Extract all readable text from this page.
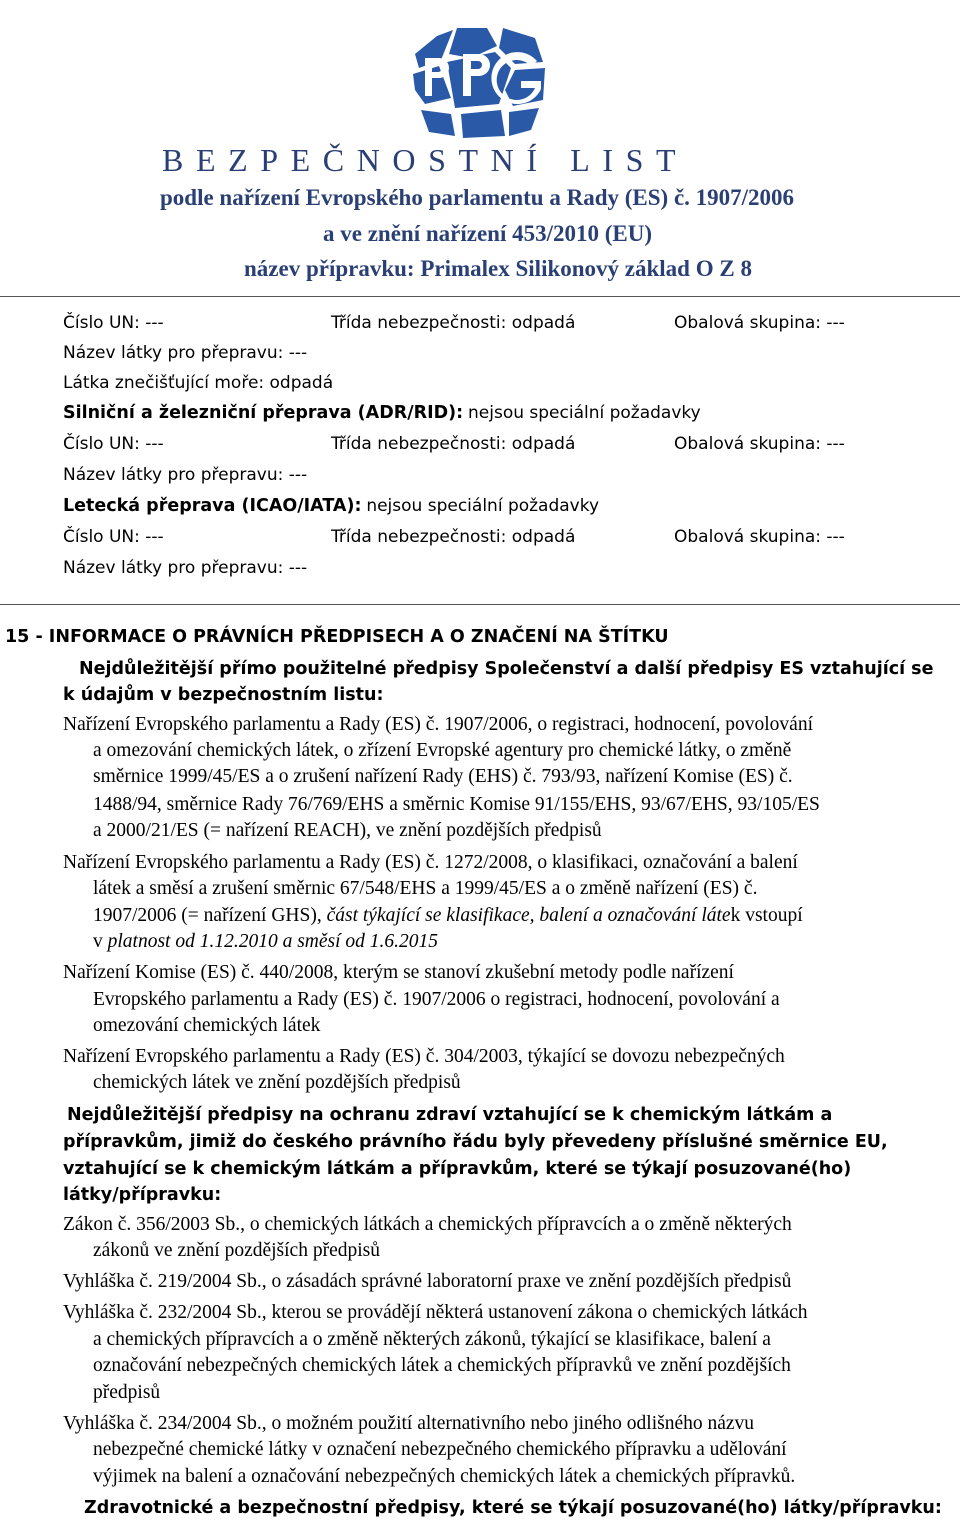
BEZPEČNOSTNÍ LIST
podle nařízení Evropského parlamentu a Rady (ES) č. 1907/2006
a ve znění nařízení 453/2010 (EU)
název přípravku: Primalex Silikonový základ O Z 8
Číslo UN: ---	Třída nebezpečnosti: odpadá	Obalová skupina: ---
Název látky pro přepravu: ---
Látka znečišťující moře: odpadá
Silniční a železniční přeprava (ADR/RID): nejsou speciální požadavky
Číslo UN: ---	Třída nebezpečnosti: odpadá	Obalová skupina: ---
Název látky pro přepravu: ---
Letecká přeprava (ICAO/IATA): nejsou speciální požadavky
Číslo UN: ---	Třída nebezpečnosti: odpadá	Obalová skupina: ---
Název látky pro přepravu: ---
15 - INFORMACE O PRÁVNÍCH PŘEDPISECH A O ZNAČENÍ NA ŠTÍTKU
Nejdůležitější přímo použitelné předpisy Společenství a další předpisy ES vztahující se
k údajům v bezpečnostním listu:
Nařízení Evropského parlamentu a Rady (ES) č. 1907/2006, o registraci, hodnocení, povolování
a omezování chemických látek, o zřízení Evropské agentury pro chemické látky, o změně
směrnice 1999/45/ES a o zrušení nařízení Rady (EHS) č. 793/93, nařízení Komise (ES) č.
1488/94, směrnice Rady 76/769/EHS a směrnic Komise 91/155/EHS, 93/67/EHS, 93/105/ES
a 2000/21/ES (= nařízení REACH), ve znění pozdějších předpisů
Nařízení Evropského parlamentu a Rady (ES) č. 1272/2008, o klasifikaci, označování a balení
látek a směsí a zrušení směrnic 67/548/EHS a 1999/45/ES a o změně nařízení (ES) č.
1907/2006 (= nařízení GHS), část týkající se klasifikace, balení a označování látek vstoupí
v platnost od 1.12.2010 a směsí od 1.6.2015
Nařízení Komise (ES) č. 440/2008, kterým se stanoví zkušební metody podle nařízení
Evropského parlamentu a Rady (ES) č. 1907/2006 o registraci, hodnocení, povolování a
omezování chemických látek
Nařízení Evropského parlamentu a Rady (ES) č. 304/2003, týkající se dovozu nebezpečných
chemických látek ve znění pozdějších předpisů
Nejdůležitější předpisy na ochranu zdraví vztahující se k chemickým látkám a
přípravkům, jimiž do českého právního řádu byly převedeny příslušné směrnice EU,
vztahující se k chemickým látkám a přípravkům, které se týkají posuzované(ho)
látky/přípravku:
Zákon č. 356/2003 Sb., o chemických látkách a chemických přípravcích a o změně některých
zákonů ve znění pozdějších předpisů
Vyhláška č. 219/2004 Sb., o zásadách správné laboratorní praxe ve znění pozdějších předpisů
Vyhláška č. 232/2004 Sb., kterou se provádějí některá ustanovení zákona o chemických látkách
a chemických přípravcích a o změně některých zákonů, týkající se klasifikace, balení a
označování nebezpečných chemických látek a chemických přípravků ve znění pozdějších
předpisů
Vyhláška č. 234/2004 Sb., o možném použití alternativního nebo jiného odlišného názvu
nebezpečné chemické látky v označení nebezpečného chemického přípravku a udělování
výjimek na balení a označování nebezpečných chemických látek a chemických přípravků.
Zdravotnické a bezpečnostní předpisy, které se týkají posuzované(ho) látky/přípravku:
